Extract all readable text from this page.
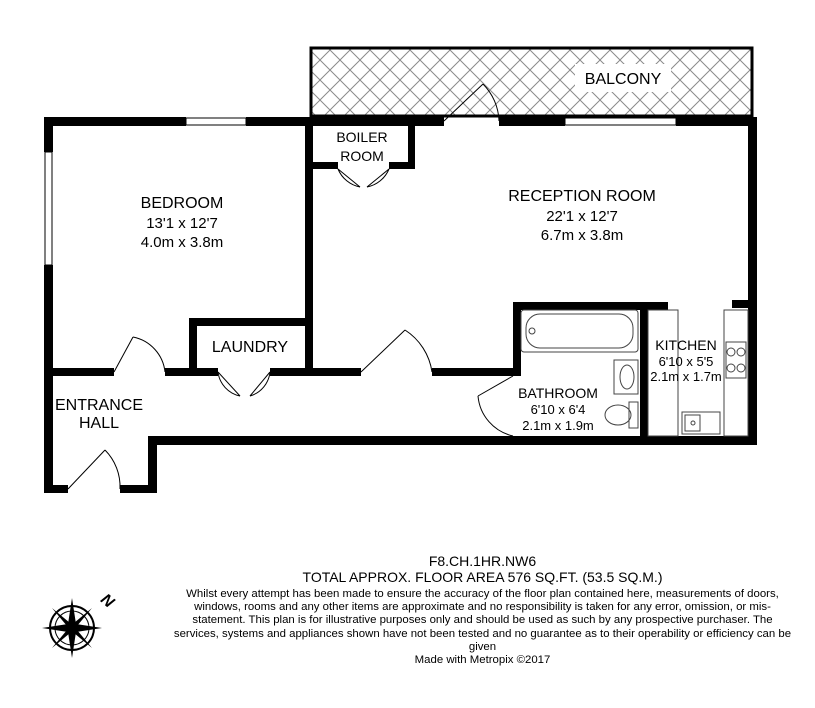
BALCONY
BOILER
ROOM
BEDROOM
13'1 x 12'7
4.0m x 3.8m
RECEPTION ROOM
22'1 x 12'7
6.7m x 3.8m
LAUNDRY	KITCHEN
6'10 x 5'5
2.1m x 1.7m
BATHROOM
6'10 x 6'4
2.1m x 1.9m
ENTRANCE
HALL
N
F8.CH.1HR.NW6
TOTAL APPROX. FLOOR AREA 576 SQ.FT. (53.5 SQ.M.)
Whilst every attempt has been made to ensure the accuracy of the floor plan contained here, measurements of doors, windows, rooms and any other items are approximate and no responsibility is taken for any error, omission, or mis-statement. This plan is for illustrative purposes only and should be used as such by any prospective purchaser. The services, systems and appliances shown have not been tested and no guarantee as to their operability or efficiency can be given
Made with Metropix ©2017
